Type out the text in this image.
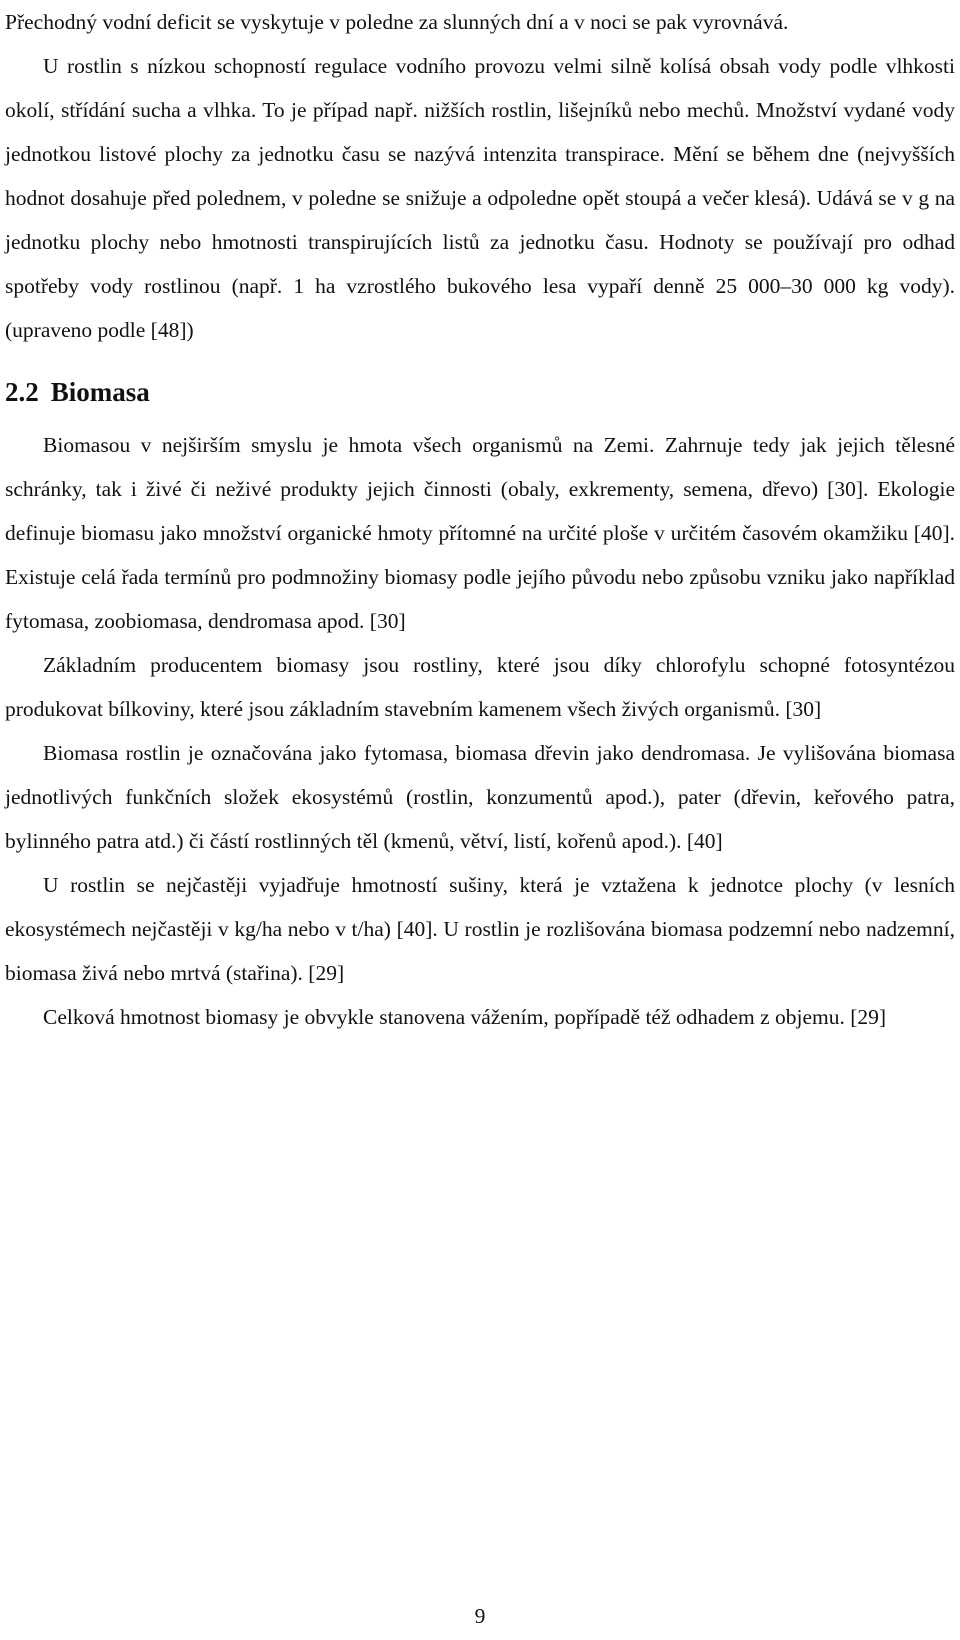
Přechodný vodní deficit se vyskytuje v poledne za slunných dní a v noci se pak vyrovnává.

U rostlin s nízkou schopností regulace vodního provozu velmi silně kolísá obsah vody podle vlhkosti okolí, střídání sucha a vlhka. To je případ např. nižších rostlin, lišejníků nebo mechů. Množství vydané vody jednotkou listové plochy za jednotku času se nazývá intenzita transpirace. Mění se během dne (nejvyšších hodnot dosahuje před polednem, v poledne se snižuje a odpoledne opět stoupá a večer klesá). Udává se v g na jednotku plochy nebo hmotnosti transpirujících listů za jednotku času. Hodnoty se používají pro odhad spotřeby vody rostlinou (např. 1 ha vzrostlého bukového lesa vypaří denně 25 000–30 000 kg vody). (upraveno podle [48])

2.2 Biomasa

Biomasou v nejširším smyslu je hmota všech organismů na Zemi. Zahrnuje tedy jak jejich tělesné schránky, tak i živé či neživé produkty jejich činnosti (obaly, exkrementy, semena, dřevo) [30]. Ekologie definuje biomasu jako množství organické hmoty přítomné na určité ploše v určitém časovém okamžiku [40]. Existuje celá řada termínů pro podmnožiny biomasy podle jejího původu nebo způsobu vzniku jako například fytomasa, zoobiomasa, dendromasa apod. [30]

Základním producentem biomasy jsou rostliny, které jsou díky chlorofylu schopné fotosyntézou produkovat bílkoviny, které jsou základním stavebním kamenem všech živých organismů. [30]

Biomasa rostlin je označována jako fytomasa, biomasa dřevin jako dendromasa. Je vylišována biomasa jednotlivých funkčních složek ekosystémů (rostlin, konzumentů apod.), pater (dřevin, keřového patra, bylinného patra atd.) či částí rostlinných těl (kmenů, větví, listí, kořenů apod.). [40]

U rostlin se nejčastěji vyjadřuje hmotností sušiny, která je vztažena k jednotce plochy (v lesních ekosystémech nejčastěji v kg/ha nebo v t/ha) [40]. U rostlin je rozlišována biomasa podzemní nebo nadzemní, biomasa živá nebo mrtvá (stařina). [29]

Celková hmotnost biomasy je obvykle stanovena vážením, popřípadě též odhadem z objemu. [29]

9
